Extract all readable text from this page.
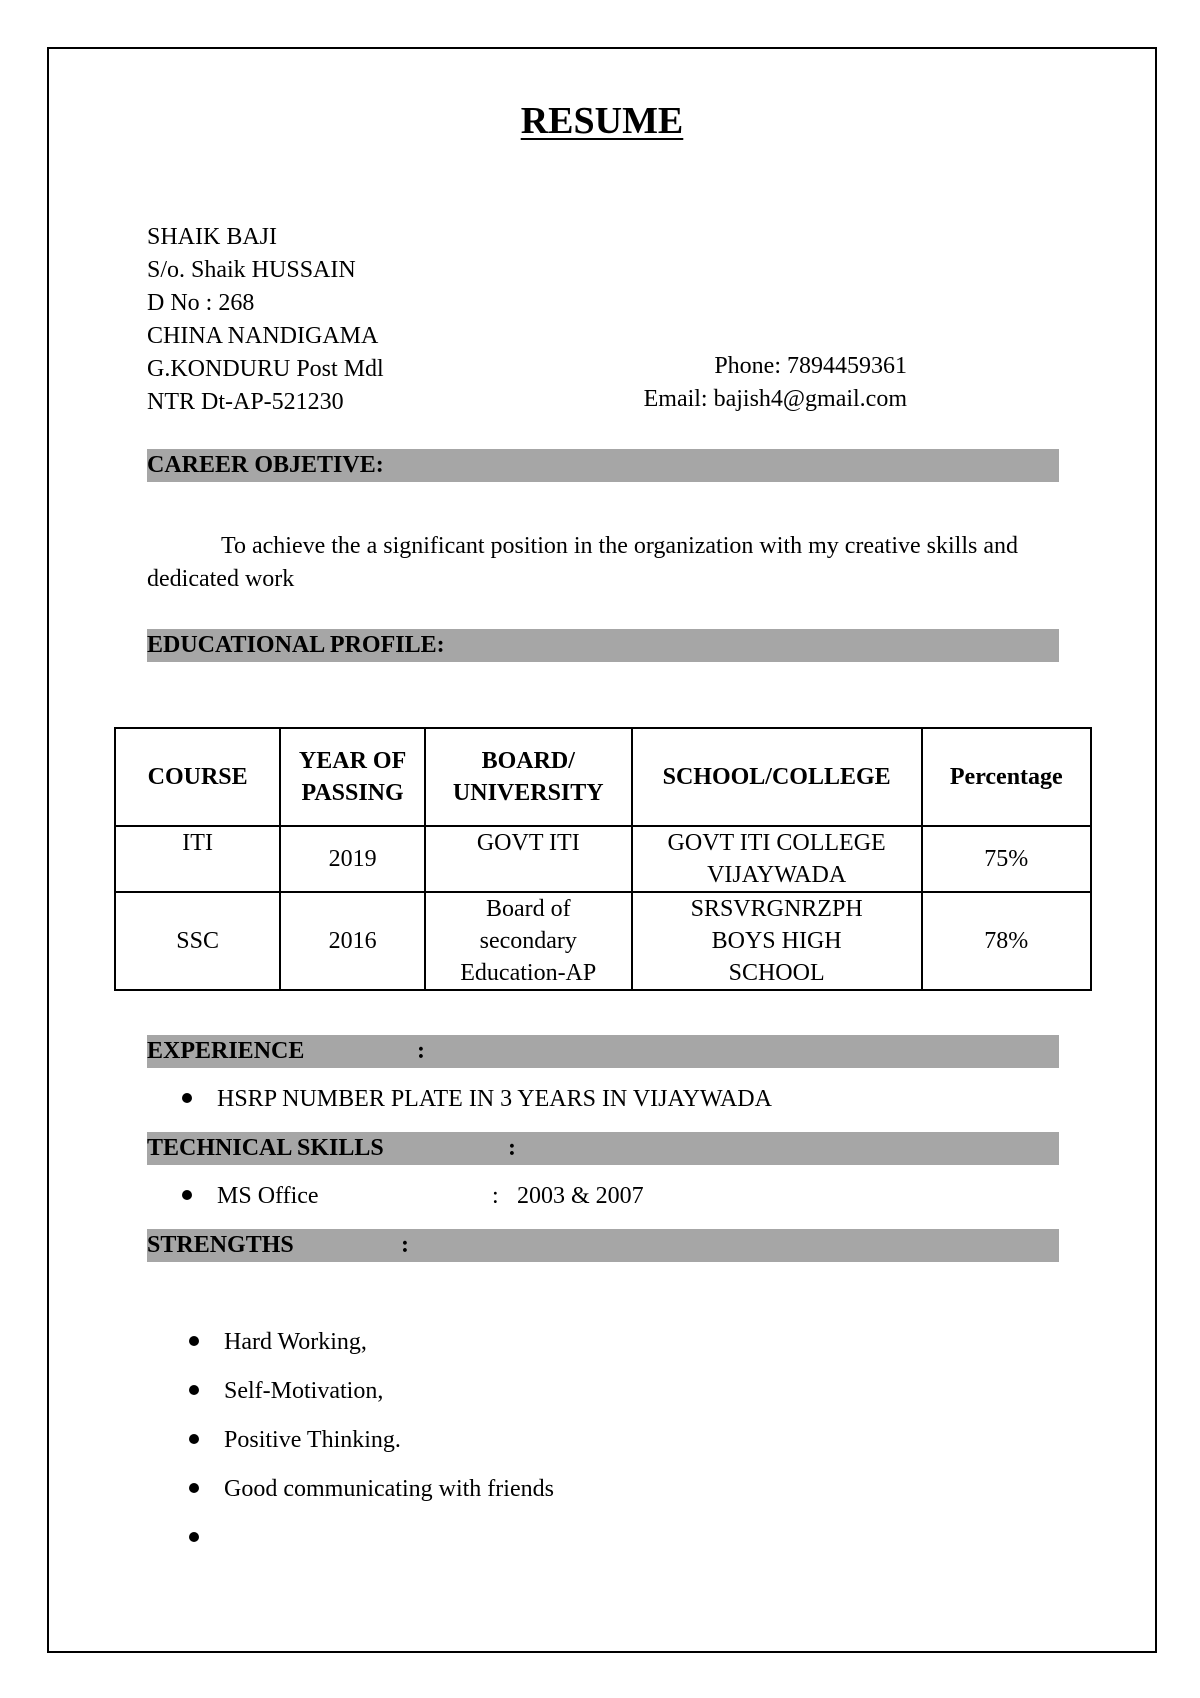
RESUME
SHAIK BAJI
S/o. Shaik HUSSAIN
D No : 268
CHINA NANDIGAMA
G.KONDURU Post Mdl
NTR Dt-AP-521230
Phone: 7894459361
Email: bajish4@gmail.com
CAREER OBJETIVE:
To achieve the a significant position in the organization with my creative skills and dedicated work
EDUCATIONAL PROFILE:
COURSE	YEAR OF PASSING	BOARD/ UNIVERSITY	SCHOOL/COLLEGE	Percentage
ITI	2019	GOVT ITI	GOVT ITI COLLEGE VIJAYWADA	75%
SSC	2016	Board of secondary Education-AP	SRSVRGNRZPH BOYS HIGH SCHOOL	78%
EXPERIENCE	:
HSRP NUMBER PLATE IN 3 YEARS IN VIJAYWADA
TECHNICAL SKILLS	:
MS Office	: 2003 & 2007
STRENGTHS	:
Hard Working,
Self-Motivation,
Positive Thinking.
Good communicating with friends
